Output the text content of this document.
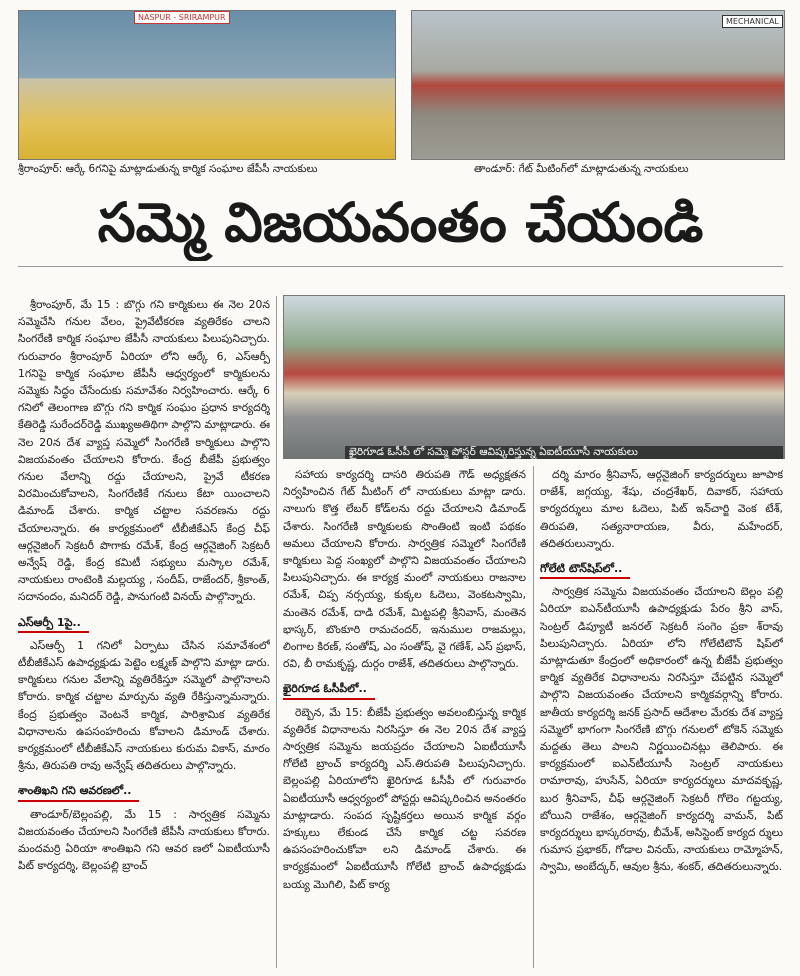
NASPUR - SRIRAMPUR
శ్రీరాంపూర్‌: ఆర్కే 6గనిపై మాట్లాడుతున్న కార్మిక సంఘాల జేపీసీ నాయకులు
MECHANICAL
తాండూర్‌: గేట్‌ మీటింగ్‌లో మాట్లాడుతున్న నాయకులు
సమ్మె విజయవంతం చేయండి
ఖైరిగూడ ఓసీపీ లో సమ్మె పోస్టర్‌ ఆవిష్కరిస్తున్న ఏఐటీయూసీ నాయకులు

శ్రీరాంపూర్‌, మే 15 : బొగ్గు గని కార్మికులు ఈ నెల 20న సమ్మెచేసి గనుల వేలం, ప్రైవేటీకరణ వ్యతిరేకం చాలని సింగరేణి కార్మిక సంఘాల జేపీసీ నాయకులు పిలుపునిచ్చారు. గురువారం శ్రీరాంపూర్‌ ఏరియా లోని ఆర్కే 6, ఎస్‌ఆర్పీ 1గనిపై కార్మిక సంఘాల జేపీసీ ఆధ్వర్యంలో కార్మికులను సమ్మెకు సిద్ధం చేసేందుకు సమావేశం నిర్వహించారు. ఆర్కే 6 గనిలో తెలంగాణ బొగ్గు గని కార్మిక సంఘం ప్రధాన కార్యదర్శి కేతిరెడ్డి సురేందర్‌రెడ్డి ముఖ్యఅతిథిగా పాల్గొని మాట్లాడారు. ఈ నెల 20న దేశ వ్యాప్త సమ్మెలో సింగరేణి కార్మికులు పాల్గొని విజయవంతం చేయాలని కోరారు. కేంద్ర బీజేపీ ప్రభుత్వం గనుల వేలాన్ని రద్దు చేయాలని, ప్రైవే టీకరణ విరమించుకోవాలని, సింగరేణికే గనులు కేటా యించాలని డిమాండ్‌ చేశారు. కార్మిక చట్టాల సవరణను రద్దు చేయాలన్నారు. ఈ కార్యక్రమంలో టీబీజీకేఎస్‌ కేంద్ర చీఫ్‌ ఆర్గనైజింగ్‌ సెక్రటరీ పొగాకు రమేశ్‌, కేంద్ర ఆర్గనైజింగ్‌ సెక్రటరీ అన్వేష్‌ రెడ్డి, కేంద్ర కమిటీ సభ్యులు మస్కాల రమేశ్‌, నాయకులు రాంటెంకి మల్లయ్య , సందీప్‌, రాజేందర్‌, శ్రీకాంత్‌, సదానందం, మనిదర్‌ రెడ్డి, పానుగంటి వినయ్‌ పాల్గొన్నారు.

ఎస్‌ఆర్పీ 1పై..

ఎస్‌ఆర్పీ 1 గనిలో ఏర్పాటు చేసిన సమావేశంలో టీబీజీకేఎస్‌ ఉపాధ్యక్షుడు పెట్టెం లక్ష్మణ్‌ పాల్గొని మాట్లా డారు. కార్మికులు గనుల వేలాన్ని వ్యతిరేకిస్తూ సమ్మెలో పాల్గొనాలని కోరారు. కార్మిక చట్టాల మార్పును వ్యతి రేకిస్తున్నామన్నారు. కేంద్ర ప్రభుత్వం వెంటనే కార్మిక, పారిశ్రామిక వ్యతిరేక విధానాలను ఉపసంహరించు కోవాలని డిమాండ్‌ చేశారు. కార్యక్రమంలో టీబీజీకేఎస్‌ నాయకులు కురుమ వికాస్‌, మారం శ్రీను, తిరుపతి రావు అన్వేష్‌ తదితరులు పాల్గొన్నారు.

శాంతిఖని గని ఆవరణలో..

తాండూర్‌/బెల్లంపల్లి, మే 15 : సార్వత్రిక సమ్మెను విజయవంతం చేయాలని సింగరేణి జేపీసీ నాయకులు కోరారు. మందమర్రి ఏరియా శాంతిఖని గని ఆవర ణలో ఏఐటీయూసీ పిట్‌ కార్యదర్శి, బెల్లంపల్లి బ్రాంచ్‌

సహాయ కార్యదర్శి దాసరి తిరుపతి గౌడ్‌ అధ్యక్షతన నిర్వహించిన గేట్‌ మీటింగ్‌ లో నాయకులు మాట్లా డారు. నాలుగు కొత్త లేబర్‌ కోడ్‌లను రద్దు చేయాలని డిమాండ్‌ చేశారు. సింగరేణి కార్మికులకు సొంతింటి ఇంటి పథకం అమలు చేయాలని కోరారు. సార్వత్రిక సమ్మెలో సింగరేణి కార్మికులు పెద్ద సంఖ్యలో పాల్గొని విజయవంతం చేయాలని పిలుపునిచ్చారు. ఈ కార్యక్ర మంలో నాయకులు రాజనాల రమేశ్‌, చిప్ప నర్సయ్య, కుక్కల ఓదెలు, వెంకటస్వామి, మంతెన రమేశ్‌, దాడి రమేశ్‌, మిట్టపల్లి శ్రీనివాస్‌, మంతెన భాస్కర్‌, బొంకూరి రామచందర్‌, ఇనుముల రాజమల్లు, లింగాల కిరణ్‌, సంతోష్‌, ఎం సంతోష్‌, వై గణేశ్‌, ఎస్‌ ప్రభాస్‌, రవి, బీ రామకృష్ణ, దుర్గం రాజేశ్‌, తదితరులు పాల్గొన్నారు.

ఖైరిగూడ ఓసీపీలో..

రెబ్బెన, మే 15: బీజేపీ ప్రభుత్వం అవలంబిస్తున్న కార్మిక వ్యతిరేక విధానాలను నిరసిస్తూ ఈ నెల 20న దేశ వ్యాప్త సార్వత్రిక సమ్మెను జయప్రదం చేయాలని ఏఐటీయూసీ గోలేటి బ్రాంచ్‌ కార్యదర్శి ఎస్‌.తిరుపతి పిలుపునిచ్చారు. బెల్లంపల్లి ఏరియాలోని ఖైరిగూడ ఓసీపీ లో గురువారం ఏఐటీయూసీ ఆధ్వర్యంలో పోస్టర్లు ఆవిష్కరించిన అనంతరం మాట్లాడారు. సంపద సృష్టికర్తలు అయిన కార్మిక వర్గం హక్కులు లేకుండ చేసే కార్మిక చట్ట సవరణ ఉపసంహరించుకోవా లని డిమాండ్‌ చేశారు. ఈ కార్యక్రమంలో ఏఐటీయూసీ గోలేటి బ్రాంచ్‌ ఉపాధ్యక్షుడు బయ్య మొగిలి, పిట్‌ కార్య

దర్శి మారం శ్రీనివాస్‌, ఆర్గనైజింగ్‌ కార్యదర్శులు జూపాక రాజేశ్‌, జగ్గయ్య, శేషు, చంద్రశేఖర్‌, దివాకర్‌, సహాయ కార్యదర్శులు మాల ఓదెలు, పిట్‌ ఇన్‌చార్జి వెంక టేశ్‌, తిరుపతి, సత్యనారాయణ, వీరు, మహేందర్‌, తదితరులున్నారు.

గోలేటి టౌన్‌షిప్‌లో..

సార్వత్రిక సమ్మెను విజయవంతం చేయాలని బెల్లం పల్లి ఏరియా ఐఎన్‌టీయూసీ ఉపాధ్యక్షుడు పేరం శ్రీని వాస్‌, సెంట్రల్‌ డిప్యూటీ జనరల్‌ సెక్రటరీ సంగెం ప్రకా శ్‌రావు పిలుపునిచ్చారు. ఏరియా లోని గోలేటిటౌన్‌ షిప్‌లో మాట్లాడుతూ కేంద్రంలో అధికారంలో ఉన్న బీజేపీ ప్రభుత్వం కార్మిక వ్యతిరేక విధానాలను నిరసిస్తూ చేపట్టిన సమ్మెలో పాల్గొని విజయవంతం చేయాలని కార్మికవర్గాన్ని కోరారు. జాతీయ కార్యదర్శి జనక్‌ ప్రసాద్‌ ఆదేశాల మేరకు దేశ వ్యాప్త సమ్మెలో భాగంగా సింగరేణి బొగ్గు గనులలో టోకెన్‌ సమ్మెకు మద్దతు తెలు పాలని నిర్ణయించినట్లు తెలిపారు. ఈ కార్యక్రమంలో ఐఎన్‌టీయూసీ సెంట్రల్‌ నాయకులు రామారావు, హుసేన్‌, ఏరియా కార్యదర్శులు మాదవకృష్ణ, బుర శ్రీనివాస్‌, చీఫ్‌ ఆర్గనైజింగ్‌ సెక్రటరీ గోలెం గట్టయ్య, బోయిని రాజేశం, ఆర్గనైజింగ్‌ కార్యదర్శి వామన్‌, పిట్‌ కార్యదర్శులు భాస్కరరావు, బీమేశ్‌, అసిస్టెంట్‌ కార్యద ర్శులు గుమాస ప్రభాకర్‌, గోడాల వినయ్‌, నాయకులు రామ్మోహన్‌, స్వామి, అంబేద్కర్‌, ఆవుల శ్రీను, శంకర్‌, తదితరులున్నారు.
